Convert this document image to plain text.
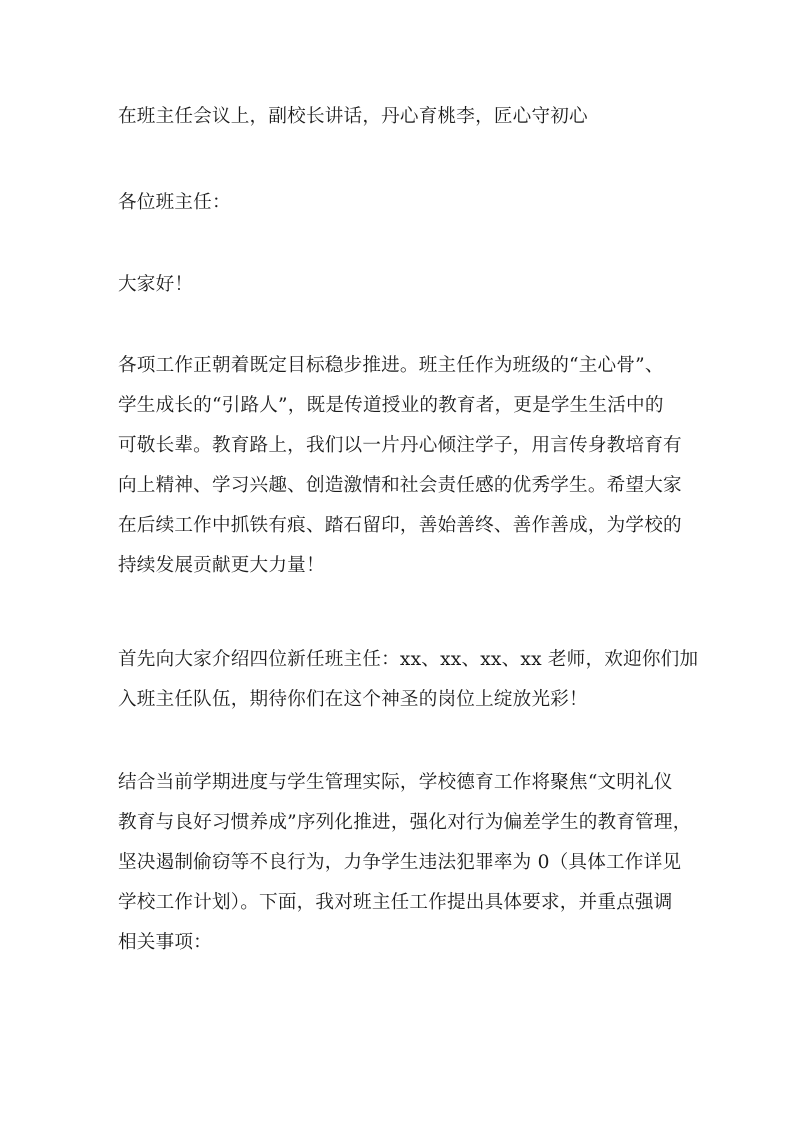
在班主任会议上，副校长讲话，丹心育桃李，匠心守初心
各位班主任：
大家好！
各项工作正朝着既定目标稳步推进。班主任作为班级的“主心骨”、
学生成长的“引路人”，既是传道授业的教育者，更是学生生活中的
可敬长辈。教育路上，我们以一片丹心倾注学子，用言传身教培育有
向上精神、学习兴趣、创造激情和社会责任感的优秀学生。希望大家
在后续工作中抓铁有痕、踏石留印，善始善终、善作善成，为学校的
持续发展贡献更大力量！
首先向大家介绍四位新任班主任：xx、xx、xx、xx 老师，欢迎你们加
入班主任队伍，期待你们在这个神圣的岗位上绽放光彩！
结合当前学期进度与学生管理实际，学校德育工作将聚焦“文明礼仪
教育与良好习惯养成”序列化推进，强化对行为偏差学生的教育管理，
坚决遏制偷窃等不良行为，力争学生违法犯罪率为 0（具体工作详见
学校工作计划）。下面，我对班主任工作提出具体要求，并重点强调
相关事项：
